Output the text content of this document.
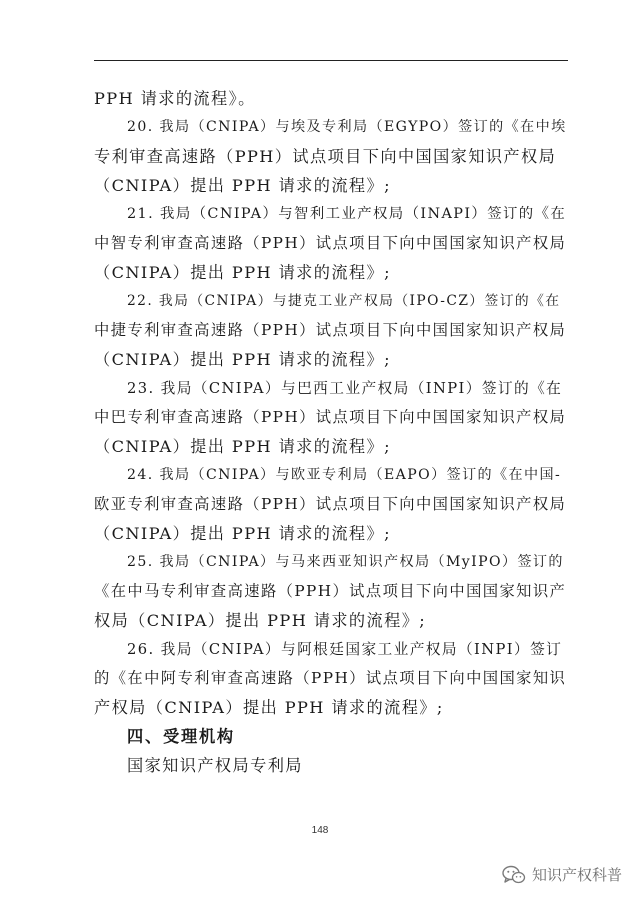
PPH 请求的流程》。
20. 我局（CNIPA）与埃及专利局（EGYPO）签订的《在中埃
专利审查高速路（PPH）试点项目下向中国国家知识产权局
（CNIPA）提出 PPH 请求的流程》;
21. 我局（CNIPA）与智利工业产权局（INAPI）签订的《在
中智专利审查高速路（PPH）试点项目下向中国国家知识产权局
（CNIPA）提出 PPH 请求的流程》;
22. 我局（CNIPA）与捷克工业产权局（IPO-CZ）签订的《在
中捷专利审查高速路（PPH）试点项目下向中国国家知识产权局
（CNIPA）提出 PPH 请求的流程》;
23. 我局（CNIPA）与巴西工业产权局（INPI）签订的《在
中巴专利审查高速路（PPH）试点项目下向中国国家知识产权局
（CNIPA）提出 PPH 请求的流程》;
24. 我局（CNIPA）与欧亚专利局（EAPO）签订的《在中国-
欧亚专利审查高速路（PPH）试点项目下向中国国家知识产权局
（CNIPA）提出 PPH 请求的流程》;
25. 我局（CNIPA）与马来西亚知识产权局（MyIPO）签订的
《在中马专利审查高速路（PPH）试点项目下向中国国家知识产
权局（CNIPA）提出 PPH 请求的流程》;
26. 我局（CNIPA）与阿根廷国家工业产权局（INPI）签订
的《在中阿专利审查高速路（PPH）试点项目下向中国国家知识
产权局（CNIPA）提出 PPH 请求的流程》;
四、受理机构
国家知识产权局专利局
148
知识产权科普
